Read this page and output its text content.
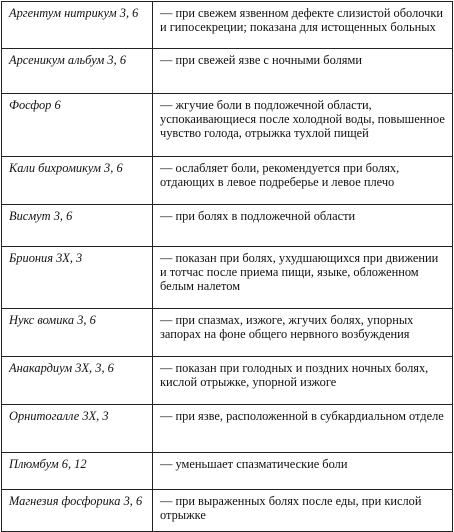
Аргентум нитрикум 3, 6	— при свежем язвенном дефекте слизистой оболочки и гипосекреции; показана для истощенных больных
Арсеникум альбум 3, 6	— при свежей язве с ночными болями
Фосфор 6	— жгучие боли в подложечной области, успокаивающиеся после холодной воды, повышенное чувство голода, отрыжка тухлой пищей
Кали бихромикум 3, 6	— ослабляет боли, рекомендуется при болях, отдающих в левое подреберье и левое плечо
Висмут 3, 6	— при болях в подложечной области
Бриония 3Х, 3	— показан при болях, ухудшающихся при движении и тотчас после приема пищи, языке, обложенном белым налетом
Нукс вомика 3, 6	— при спазмах, изжоге, жгучих болях, упорных запорах на фоне общего нервного возбуждения
Анакардиум 3Х, 3, 6	— показан при голодных и поздних ночных болях, кислой отрыжке, упорной изжоге
Орнитогалле 3Х, 3	— при язве, расположенной в субкардиальном отделе
Плюмбум 6, 12	— уменьшает спазматические боли
Магнезия фосфорика 3, 6	— при выраженных болях после еды, при кислой отрыжке
